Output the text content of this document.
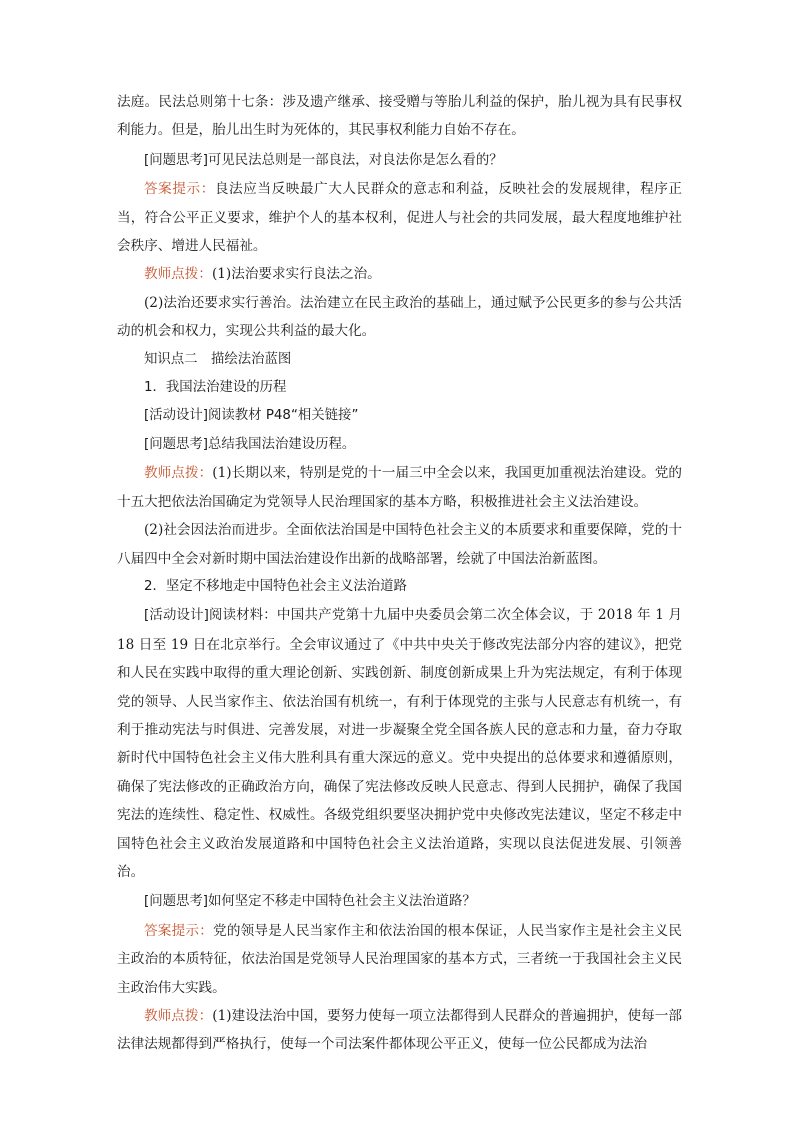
法庭。民法总则第十七条：涉及遗产继承、接受赠与等胎儿利益的保护，胎儿视为具有民事权利能力。但是，胎儿出生时为死体的，其民事权利能力自始不存在。

[问题思考]可见民法总则是一部良法，对良法你是怎么看的？

答案提示：良法应当反映最广大人民群众的意志和利益，反映社会的发展规律，程序正当，符合公平正义要求，维护个人的基本权利，促进人与社会的共同发展，最大程度地维护社会秩序、增进人民福祉。

教师点拨：(1)法治要求实行良法之治。

(2)法治还要求实行善治。法治建立在民主政治的基础上，通过赋予公民更多的参与公共活动的机会和权力，实现公共利益的最大化。

知识点二　描绘法治蓝图

1．我国法治建设的历程

[活动设计]阅读教材 P48“相关链接”

[问题思考]总结我国法治建设历程。

教师点拨：(1)长期以来，特别是党的十一届三中全会以来，我国更加重视法治建设。党的十五大把依法治国确定为党领导人民治理国家的基本方略，积极推进社会主义法治建设。

(2)社会因法治而进步。全面依法治国是中国特色社会主义的本质要求和重要保障，党的十八届四中全会对新时期中国法治建设作出新的战略部署，绘就了中国法治新蓝图。

2．坚定不移地走中国特色社会主义法治道路

[活动设计]阅读材料：中国共产党第十九届中央委员会第二次全体会议，于 2018 年 1 月 18 日至 19 日在北京举行。全会审议通过了《中共中央关于修改宪法部分内容的建议》，把党和人民在实践中取得的重大理论创新、实践创新、制度创新成果上升为宪法规定，有利于体现党的领导、人民当家作主、依法治国有机统一，有利于体现党的主张与人民意志有机统一，有利于推动宪法与时俱进、完善发展，对进一步凝聚全党全国各族人民的意志和力量，奋力夺取新时代中国特色社会主义伟大胜利具有重大深远的意义。党中央提出的总体要求和遵循原则，确保了宪法修改的正确政治方向，确保了宪法修改反映人民意志、得到人民拥护，确保了我国宪法的连续性、稳定性、权威性。各级党组织要坚决拥护党中央修改宪法建议，坚定不移走中国特色社会主义政治发展道路和中国特色社会主义法治道路，实现以良法促进发展、引领善治。

[问题思考]如何坚定不移走中国特色社会主义法治道路？

答案提示：党的领导是人民当家作主和依法治国的根本保证，人民当家作主是社会主义民主政治的本质特征，依法治国是党领导人民治理国家的基本方式，三者统一于我国社会主义民主政治伟大实践。

教师点拨：(1)建设法治中国，要努力使每一项立法都得到人民群众的普遍拥护，使每一部法律法规都得到严格执行，使每一个司法案件都体现公平正义，使每一位公民都成为法治
